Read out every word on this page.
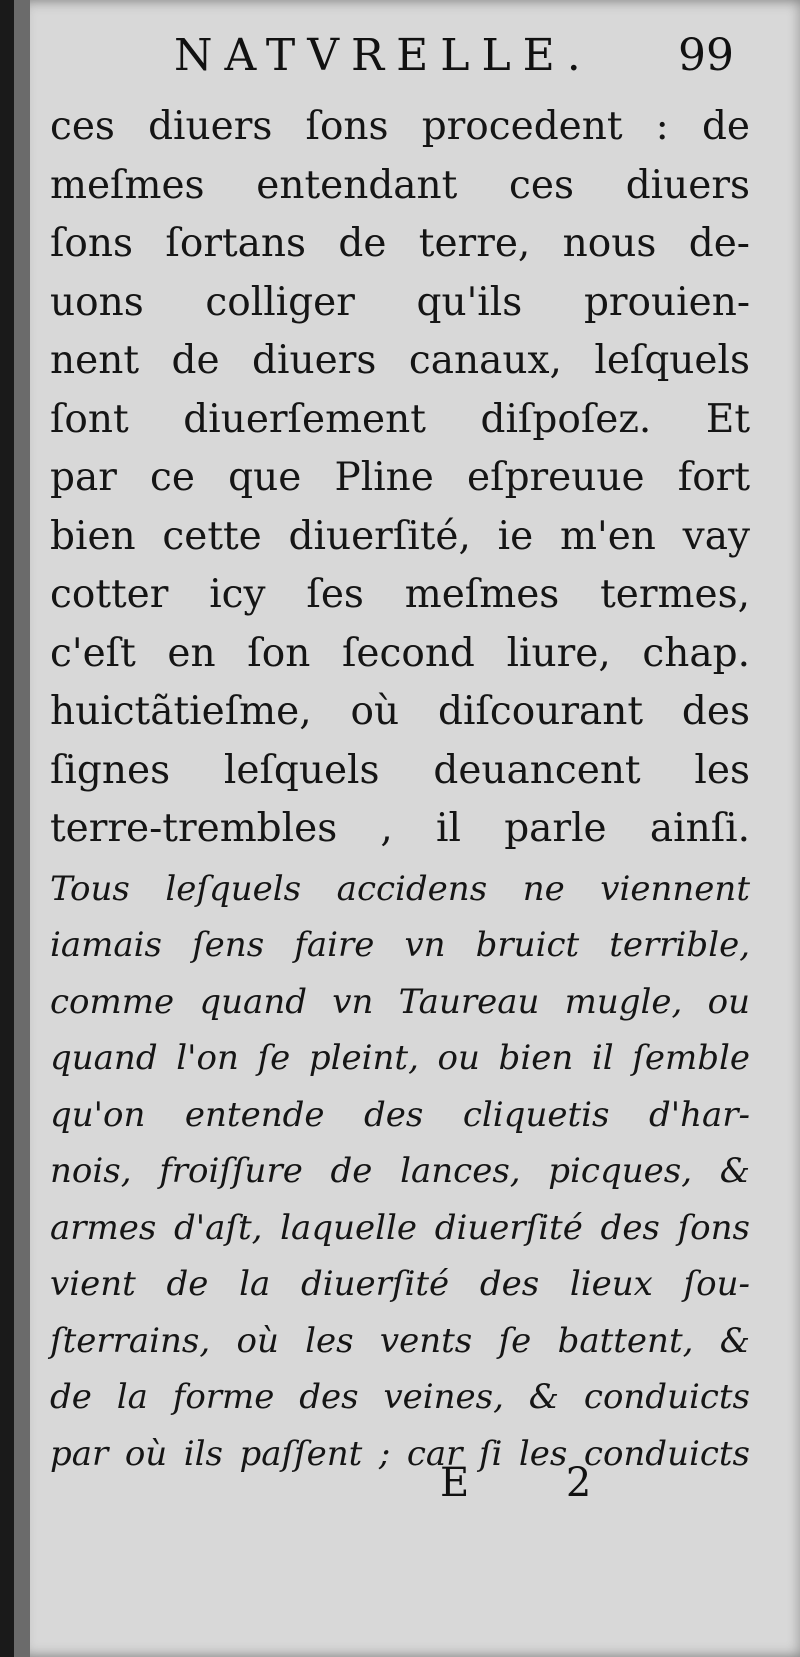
NATVRELLE. 99
ces diuers ſons procedent : de
meſmes entendant ces diuers
ſons ſortans de terre, nous de-
uons colliger qu'ils prouien-
nent de diuers canaux, leſquels
ſont diuerſement diſpoſez. Et
par ce que Pline eſpreuue fort
bien cette diuerſité, ie m'en vay
cotter icy ſes meſmes termes,
c'eſt en ſon ſecond liure, chap.
huictãtieſme, où diſcourant des
ſignes leſquels deuancent les
terre-trembles , il parle ainſi.
Tous leſquels accidens ne viennent
iamais ſens faire vn bruict terrible,
comme quand vn Taureau mugle, ou
quand l'on ſe pleint, ou bien il ſemble
qu'on entende des cliquetis d'har-
nois, froiſſure de lances, picques, &
armes d'aſt, laquelle diuerſité des ſons
vient de la diuerſité des lieux ſou-
ſterrains, où les vents ſe battent, &
de la forme des veines, & conduicts
par où ils paſſent ; car ſi les conduicts
E 2
